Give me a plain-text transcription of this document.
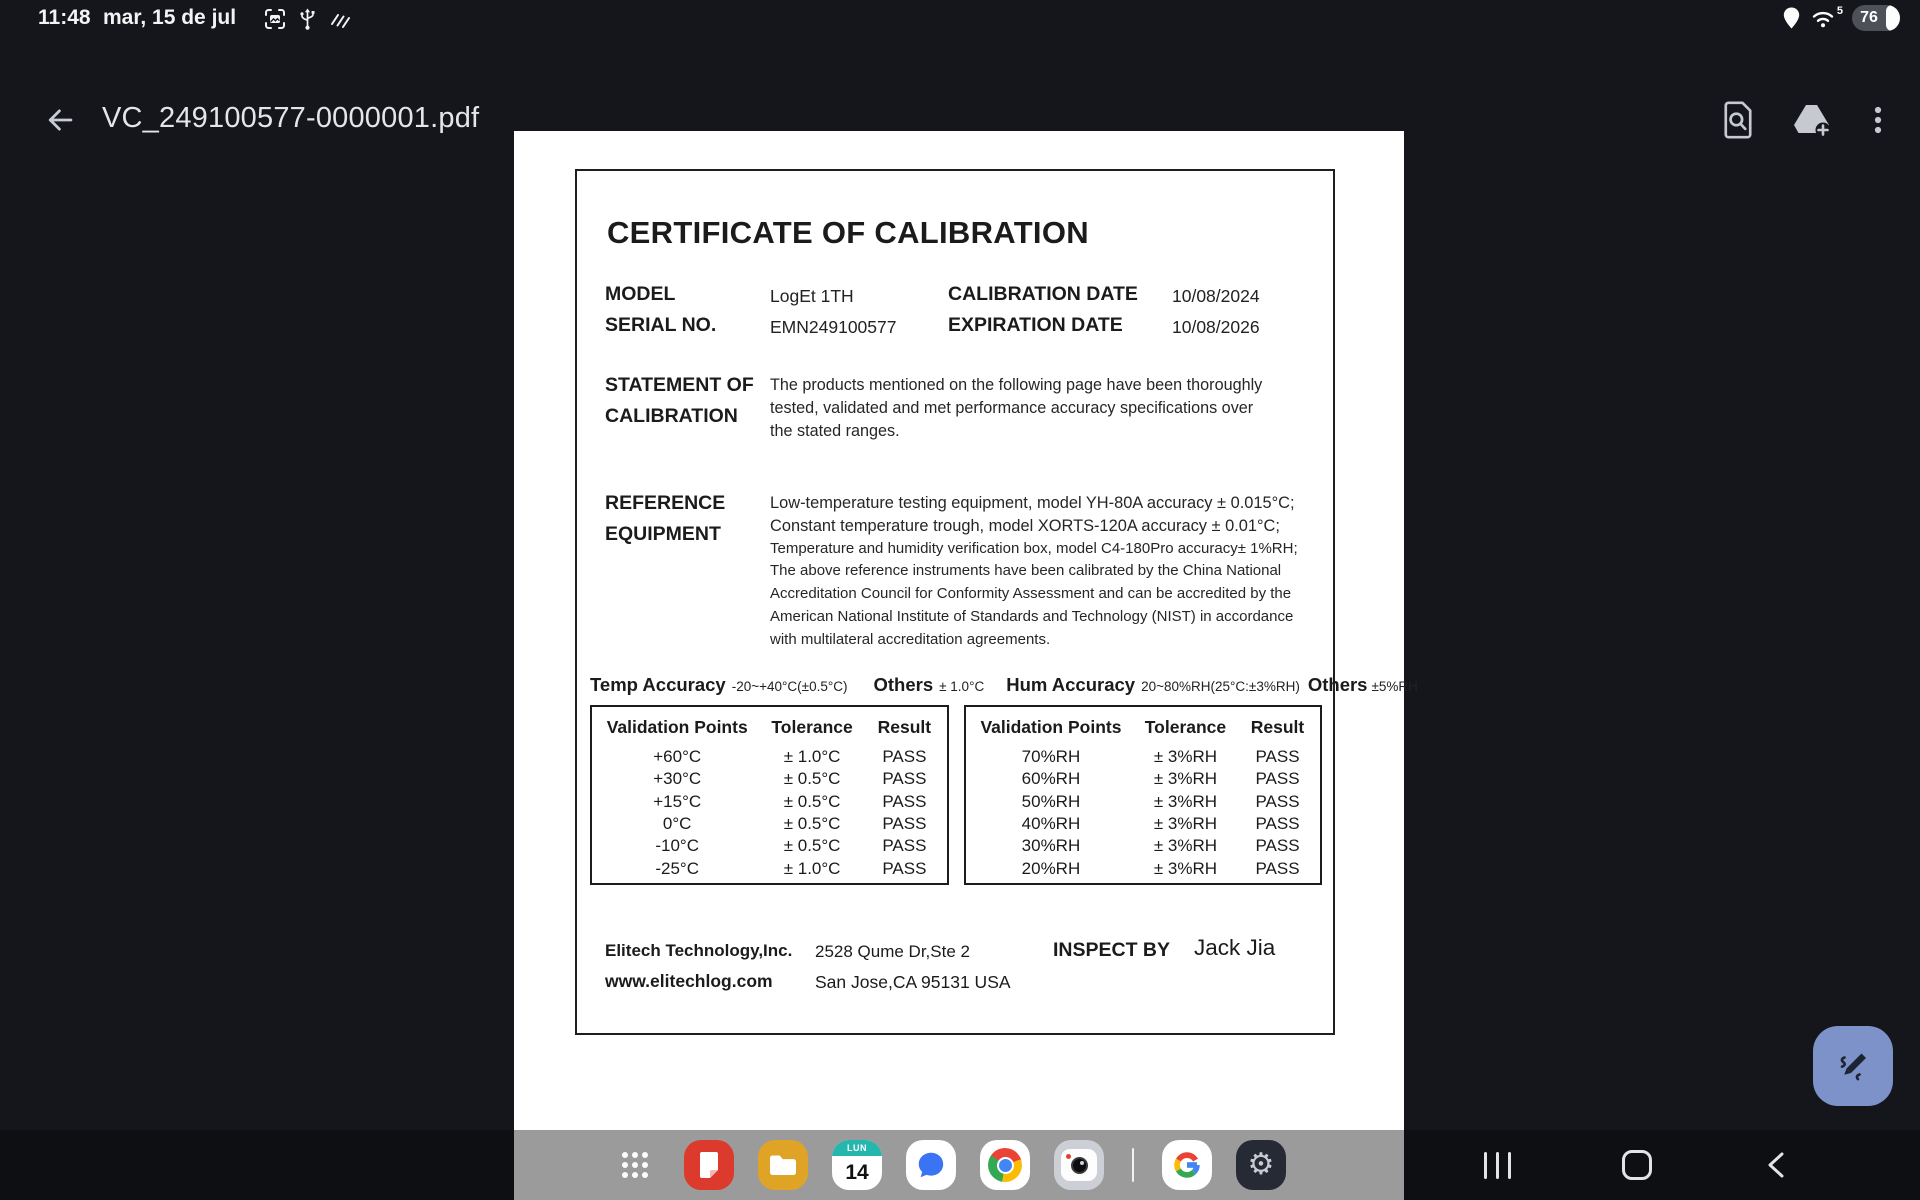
11:48 mar, 15 de jul	5	76
VC_249100577-0000001.pdf
CERTIFICATE OF CALIBRATION
MODEL	LogEt 1TH	CALIBRATION DATE 10/08/2024
SERIAL NO.	EMN249100577	EXPIRATION DATE	10/08/2026
STATEMENT OF
CALIBRATION
The products mentioned on the following page have been thoroughly
tested, validated and met performance accuracy specifications over
the stated ranges.
REFERENCE
EQUIPMENT
Low-temperature testing equipment, model YH-80A accuracy ± 0.015°C;
Constant temperature trough, model XORTS-120A accuracy ± 0.01°C;
Temperature and humidity verification box, model C4-180Pro accuracy± 1%RH;
The above reference instruments have been calibrated by the China National
Accreditation Council for Conformity Assessment and can be accredited by the
American National Institute of Standards and Technology (NIST) in accordance
with multilateral accreditation agreements.
Temp Accuracy -20~+40°C(±0.5°C) Others ± 1.0°C Hum Accuracy 20~80%RH(25°C:±3%RH) Others ±5%RH
Validation Points	Tolerance	Result
+60°C	± 1.0°C	PASS
+30°C	± 0.5°C	PASS
+15°C	± 0.5°C	PASS
0°C	± 0.5°C	PASS
-10°C	± 0.5°C	PASS
-25°C	± 1.0°C	PASS
Validation Points	Tolerance	Result
70%RH	± 3%RH	PASS
60%RH	± 3%RH	PASS
50%RH	± 3%RH	PASS
40%RH	± 3%RH	PASS
30%RH	± 3%RH	PASS
20%RH	± 3%RH	PASS
Elitech Technology,Inc.
www.elitechlog.com
2528 Qume Dr,Ste 2
San Jose,CA 95131 USA
INSPECT BY Jack Jia
LUN
14	⚙
